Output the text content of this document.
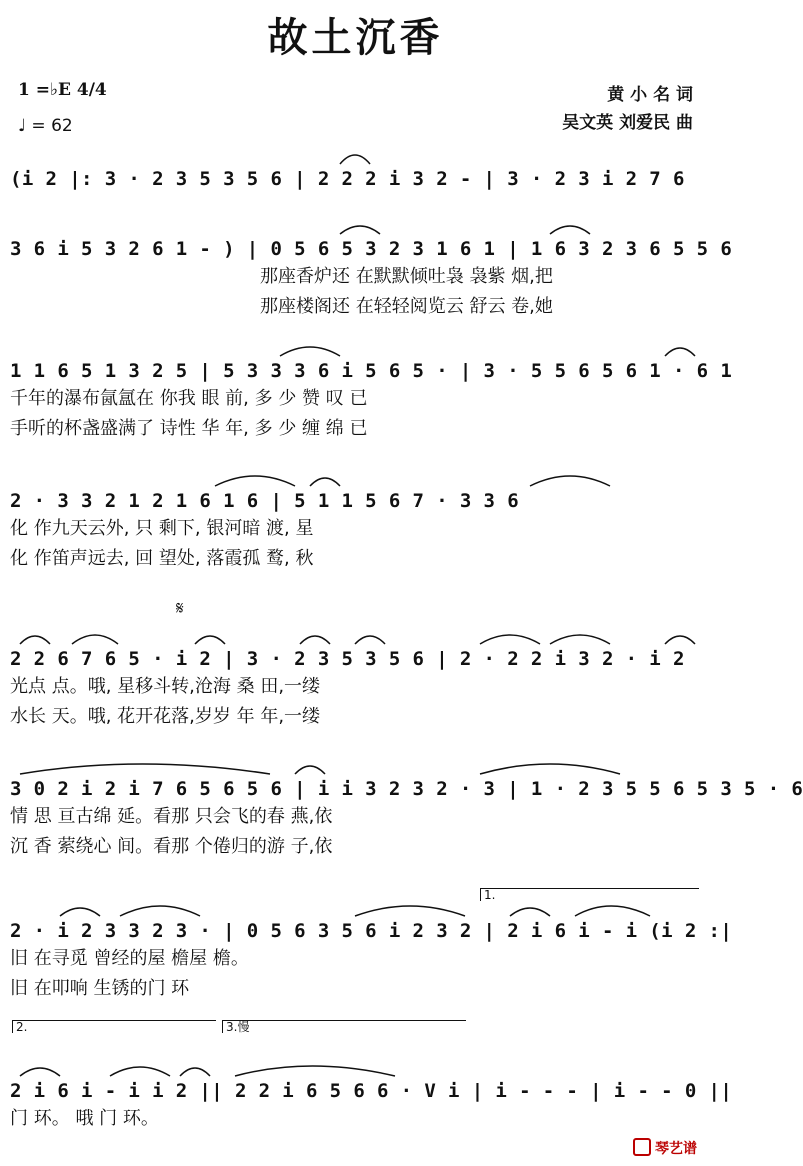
故土沉香
1 =♭E 4/4
♩ = 62
黄 小 名 词
吴文英 刘爱民 曲
(i 2 |: 3 · 2 3 5 3 5 6 | 2 2 2 i 3 2 - | 3 · 2 3 i 2 7 6
3 6 i 5 3 2 6 1 - ) | 0 5 6 5 3 2 3 1 6 1 | 1 6 3 2 3 6 5 5 6
那座香炉还 在默默倾吐袅 袅紫 烟,把
那座楼阁还 在轻轻阅览云 舒云 卷,她
1 1 6 5 1 3 2 5 | 5 3 3 3 6 i 5 6 5 · | 3 · 5 5 6 5 6 1 · 6 1
千年的瀑布氤氲在 你我 眼 前, 多 少 赞 叹 已
手听的杯盏盛满了 诗性 华 年, 多 少 缠 绵 已
2 · 3 3 2 1 2 1 6 1 6 | 5 1 1 5 6 7 · 3 3 6
化 作九天云外, 只 剩下, 银河暗 渡, 星
化 作笛声远去, 回 望处, 落霞孤 鹜, 秋
𝄋
2 2 6 7 6 5 · i 2 | 3 · 2 3 5 3 5 6 | 2 · 2 2 i 3 2 · i 2
光点 点。哦, 星移斗转,沧海 桑 田,一缕
水长 天。哦, 花开花落,岁岁 年 年,一缕
3 0 2 i 2 i 7 6 5 6 5 6 | i i 3 2 3 2 · 3 | 1 · 2 3 5 5 6 5 3 5 · 6
情 思 亘古绵 延。看那 只会飞的春 燕,依
沉 香 萦绕心 间。看那 个倦归的游 子,依
1.
2 · i 2 3 3 2 3 · | 0 5 6 3 5 6 i 2 3 2 | 2 i 6 i - i (i 2 :|
旧 在寻觅 曾经的屋 檐屋 檐。
旧 在叩响 生锈的门 环
2.	3.慢
2 i 6 i - i i 2 || 2 2 i 6 5 6 6 · V i | i - - - | i - - 0 ||
门 环。 哦 门 环。
琴艺谱
